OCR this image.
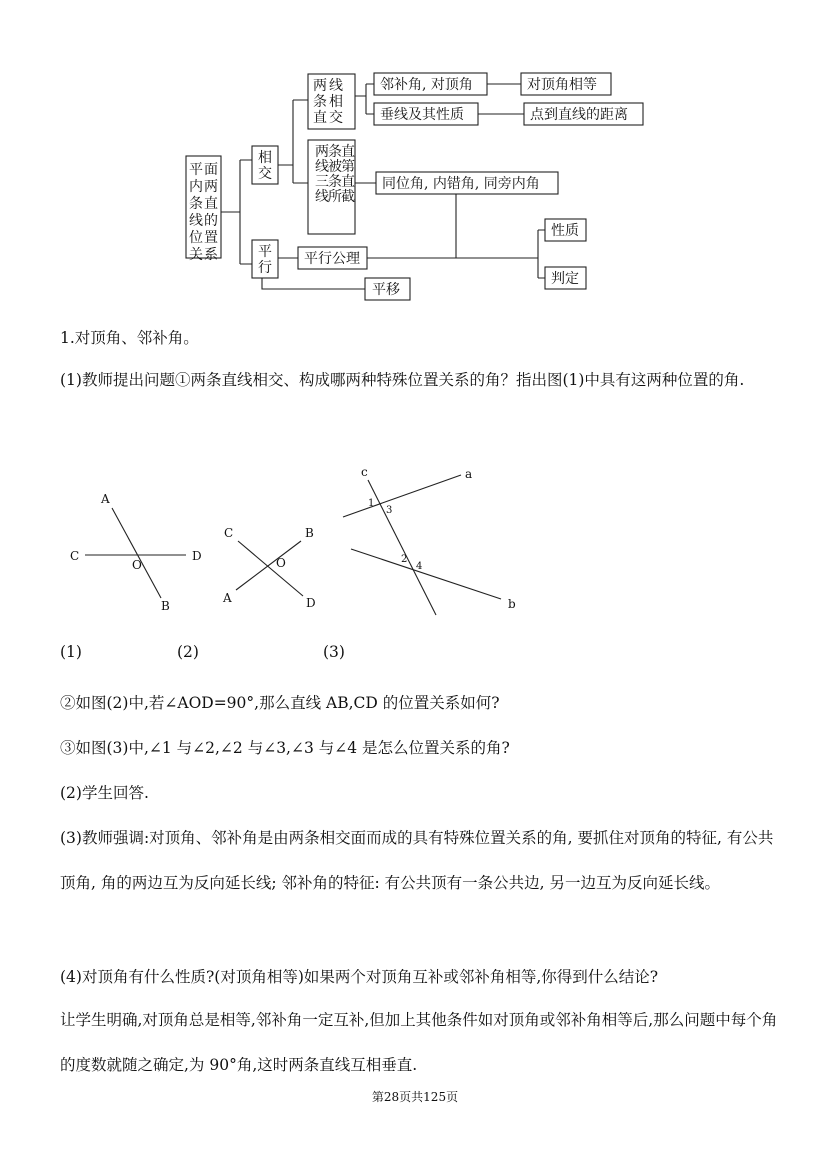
平面内两条直线的位置关系
相交
平行
两 线条 相直 交
两条直线被第三条直线所截
邻补角, 对顶角	对顶角相等
垂线及其性质	点到直线的距离
同位角, 内错角, 同旁内角
性质
判定
平行公理
平移

1.对顶角、邻补角。

(1)教师提出问题①两条直线相交、构成哪两种特殊位置关系的角？指出图(1)中具有这两种位置的角.

A
B
C	D
O
C	B
A	D
O
a
b
c
1
3
2
4
(1)	(2)	(3)

②如图(2)中,若∠AOD=90°,那么直线 AB,CD 的位置关系如何?

③如图(3)中,∠1 与∠2,∠2 与∠3,∠3 与∠4 是怎么位置关系的角?

(2)学生回答.

(3)教师强调:对顶角、邻补角是由两条相交面而成的具有特殊位置关系的角, 要抓住对顶角的特征, 有公共顶角, 角的两边互为反向延长线; 邻补角的特征: 有公共顶有一条公共边, 另一边互为反向延长线。

(4)对顶角有什么性质?(对顶角相等)如果两个对顶角互补或邻补角相等,你得到什么结论?

让学生明确,对顶角总是相等,邻补角一定互补,但加上其他条件如对顶角或邻补角相等后,那么问题中每个角的度数就随之确定,为 90°角,这时两条直线互相垂直.

第28页共125页
